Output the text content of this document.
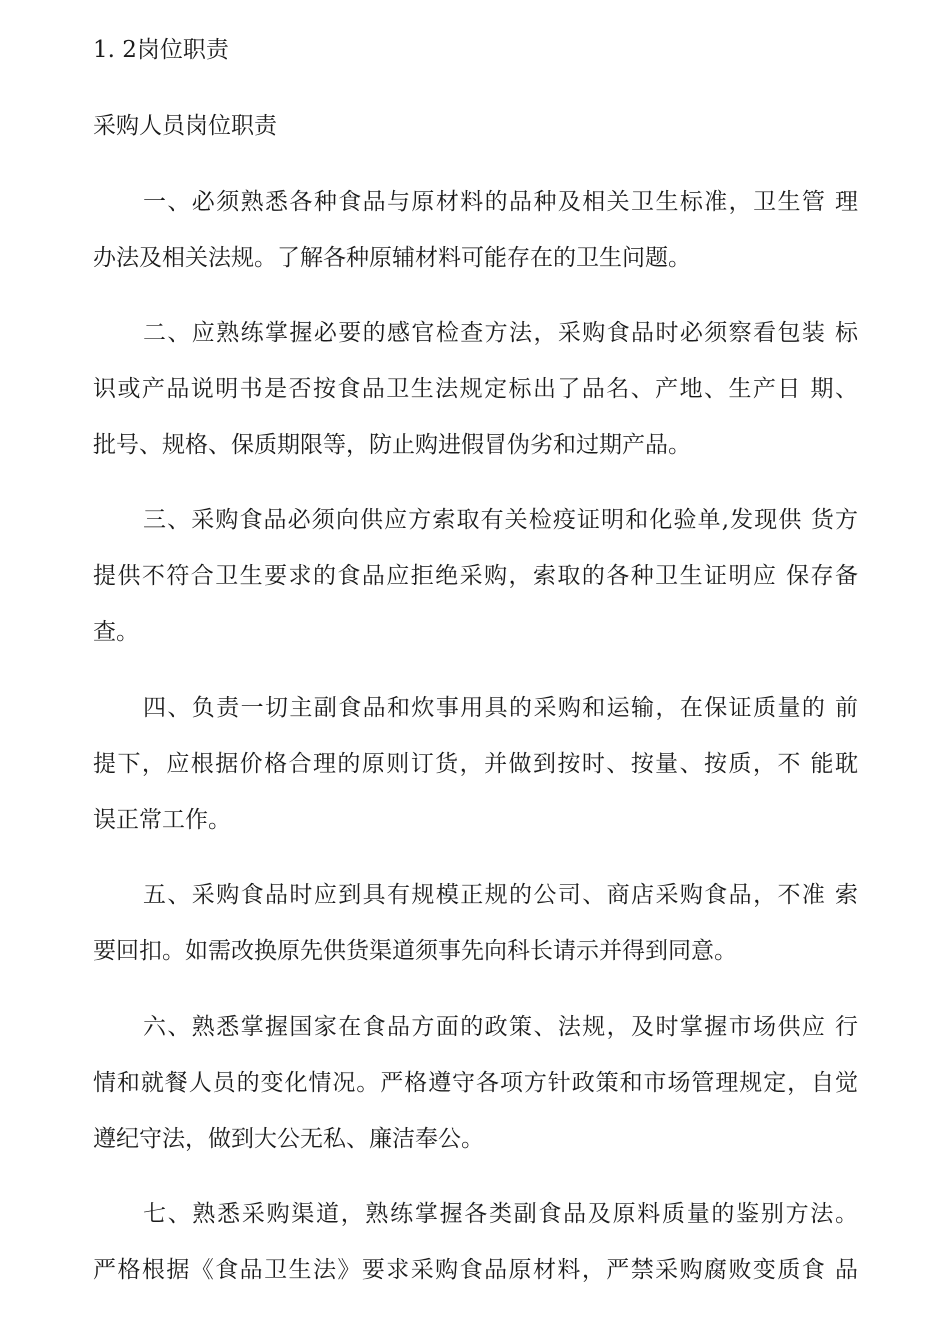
1. 2岗位职责
采购人员岗位职责
一、必须熟悉各种食品与原材料的品种及相关卫生标准，卫生管 理
办法及相关法规。了解各种原辅材料可能存在的卫生问题。
二、应熟练掌握必要的感官检查方法，采购食品时必须察看包装 标
识或产品说明书是否按食品卫生法规定标出了品名、产地、生产日 期、
批号、规格、保质期限等，防止购进假冒伪劣和过期产品。
三、采购食品必须向供应方索取有关检疫证明和化验单,发现供 货方
提供不符合卫生要求的食品应拒绝采购，索取的各种卫生证明应 保存备
查。
四、负责一切主副食品和炊事用具的采购和运输，在保证质量的 前
提下，应根据价格合理的原则订货，并做到按时、按量、按质，不 能耽
误正常工作。
五、采购食品时应到具有规模正规的公司、商店采购食品，不准 索
要回扣。如需改换原先供货渠道须事先向科长请示并得到同意。
六、熟悉掌握国家在食品方面的政策、法规，及时掌握市场供应 行
情和就餐人员的变化情况。严格遵守各项方针政策和市场管理规定，自觉
遵纪守法，做到大公无私、廉洁奉公。
七、熟悉采购渠道，熟练掌握各类副食品及原料质量的鉴别方法。
严格根据《食品卫生法》要求采购食品原材料，严禁采购腐败变质食 品
